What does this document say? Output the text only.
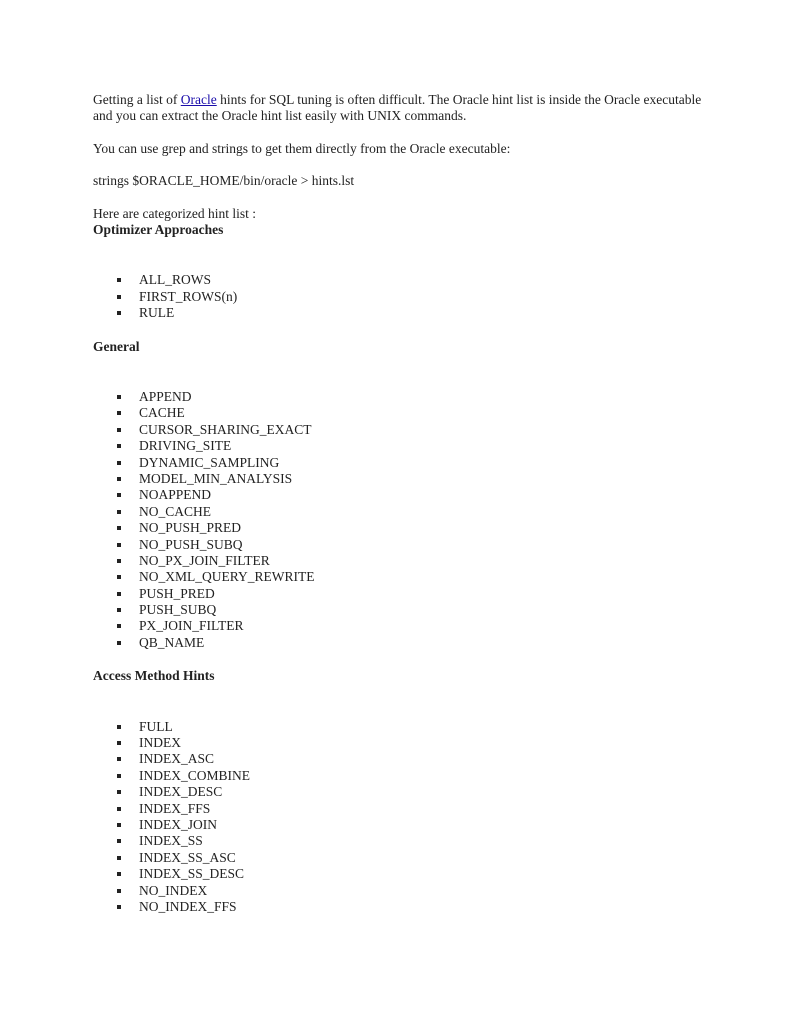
Getting a list of Oracle hints for SQL tuning is often difficult. The Oracle hint list is inside the Oracle executable and you can extract the Oracle hint list easily with UNIX commands.

You can use grep and strings to get them directly from the Oracle executable:

strings $ORACLE_HOME/bin/oracle > hints.lst

Here are categorized hint list :

Optimizer Approaches

ALL_ROWS
FIRST_ROWS(n)
RULE

General

APPEND
CACHE
CURSOR_SHARING_EXACT
DRIVING_SITE
DYNAMIC_SAMPLING
MODEL_MIN_ANALYSIS
NOAPPEND
NO_CACHE
NO_PUSH_PRED
NO_PUSH_SUBQ
NO_PX_JOIN_FILTER
NO_XML_QUERY_REWRITE
PUSH_PRED
PUSH_SUBQ
PX_JOIN_FILTER
QB_NAME

Access Method Hints

FULL
INDEX
INDEX_ASC
INDEX_COMBINE
INDEX_DESC
INDEX_FFS
INDEX_JOIN
INDEX_SS
INDEX_SS_ASC
INDEX_SS_DESC
NO_INDEX
NO_INDEX_FFS
